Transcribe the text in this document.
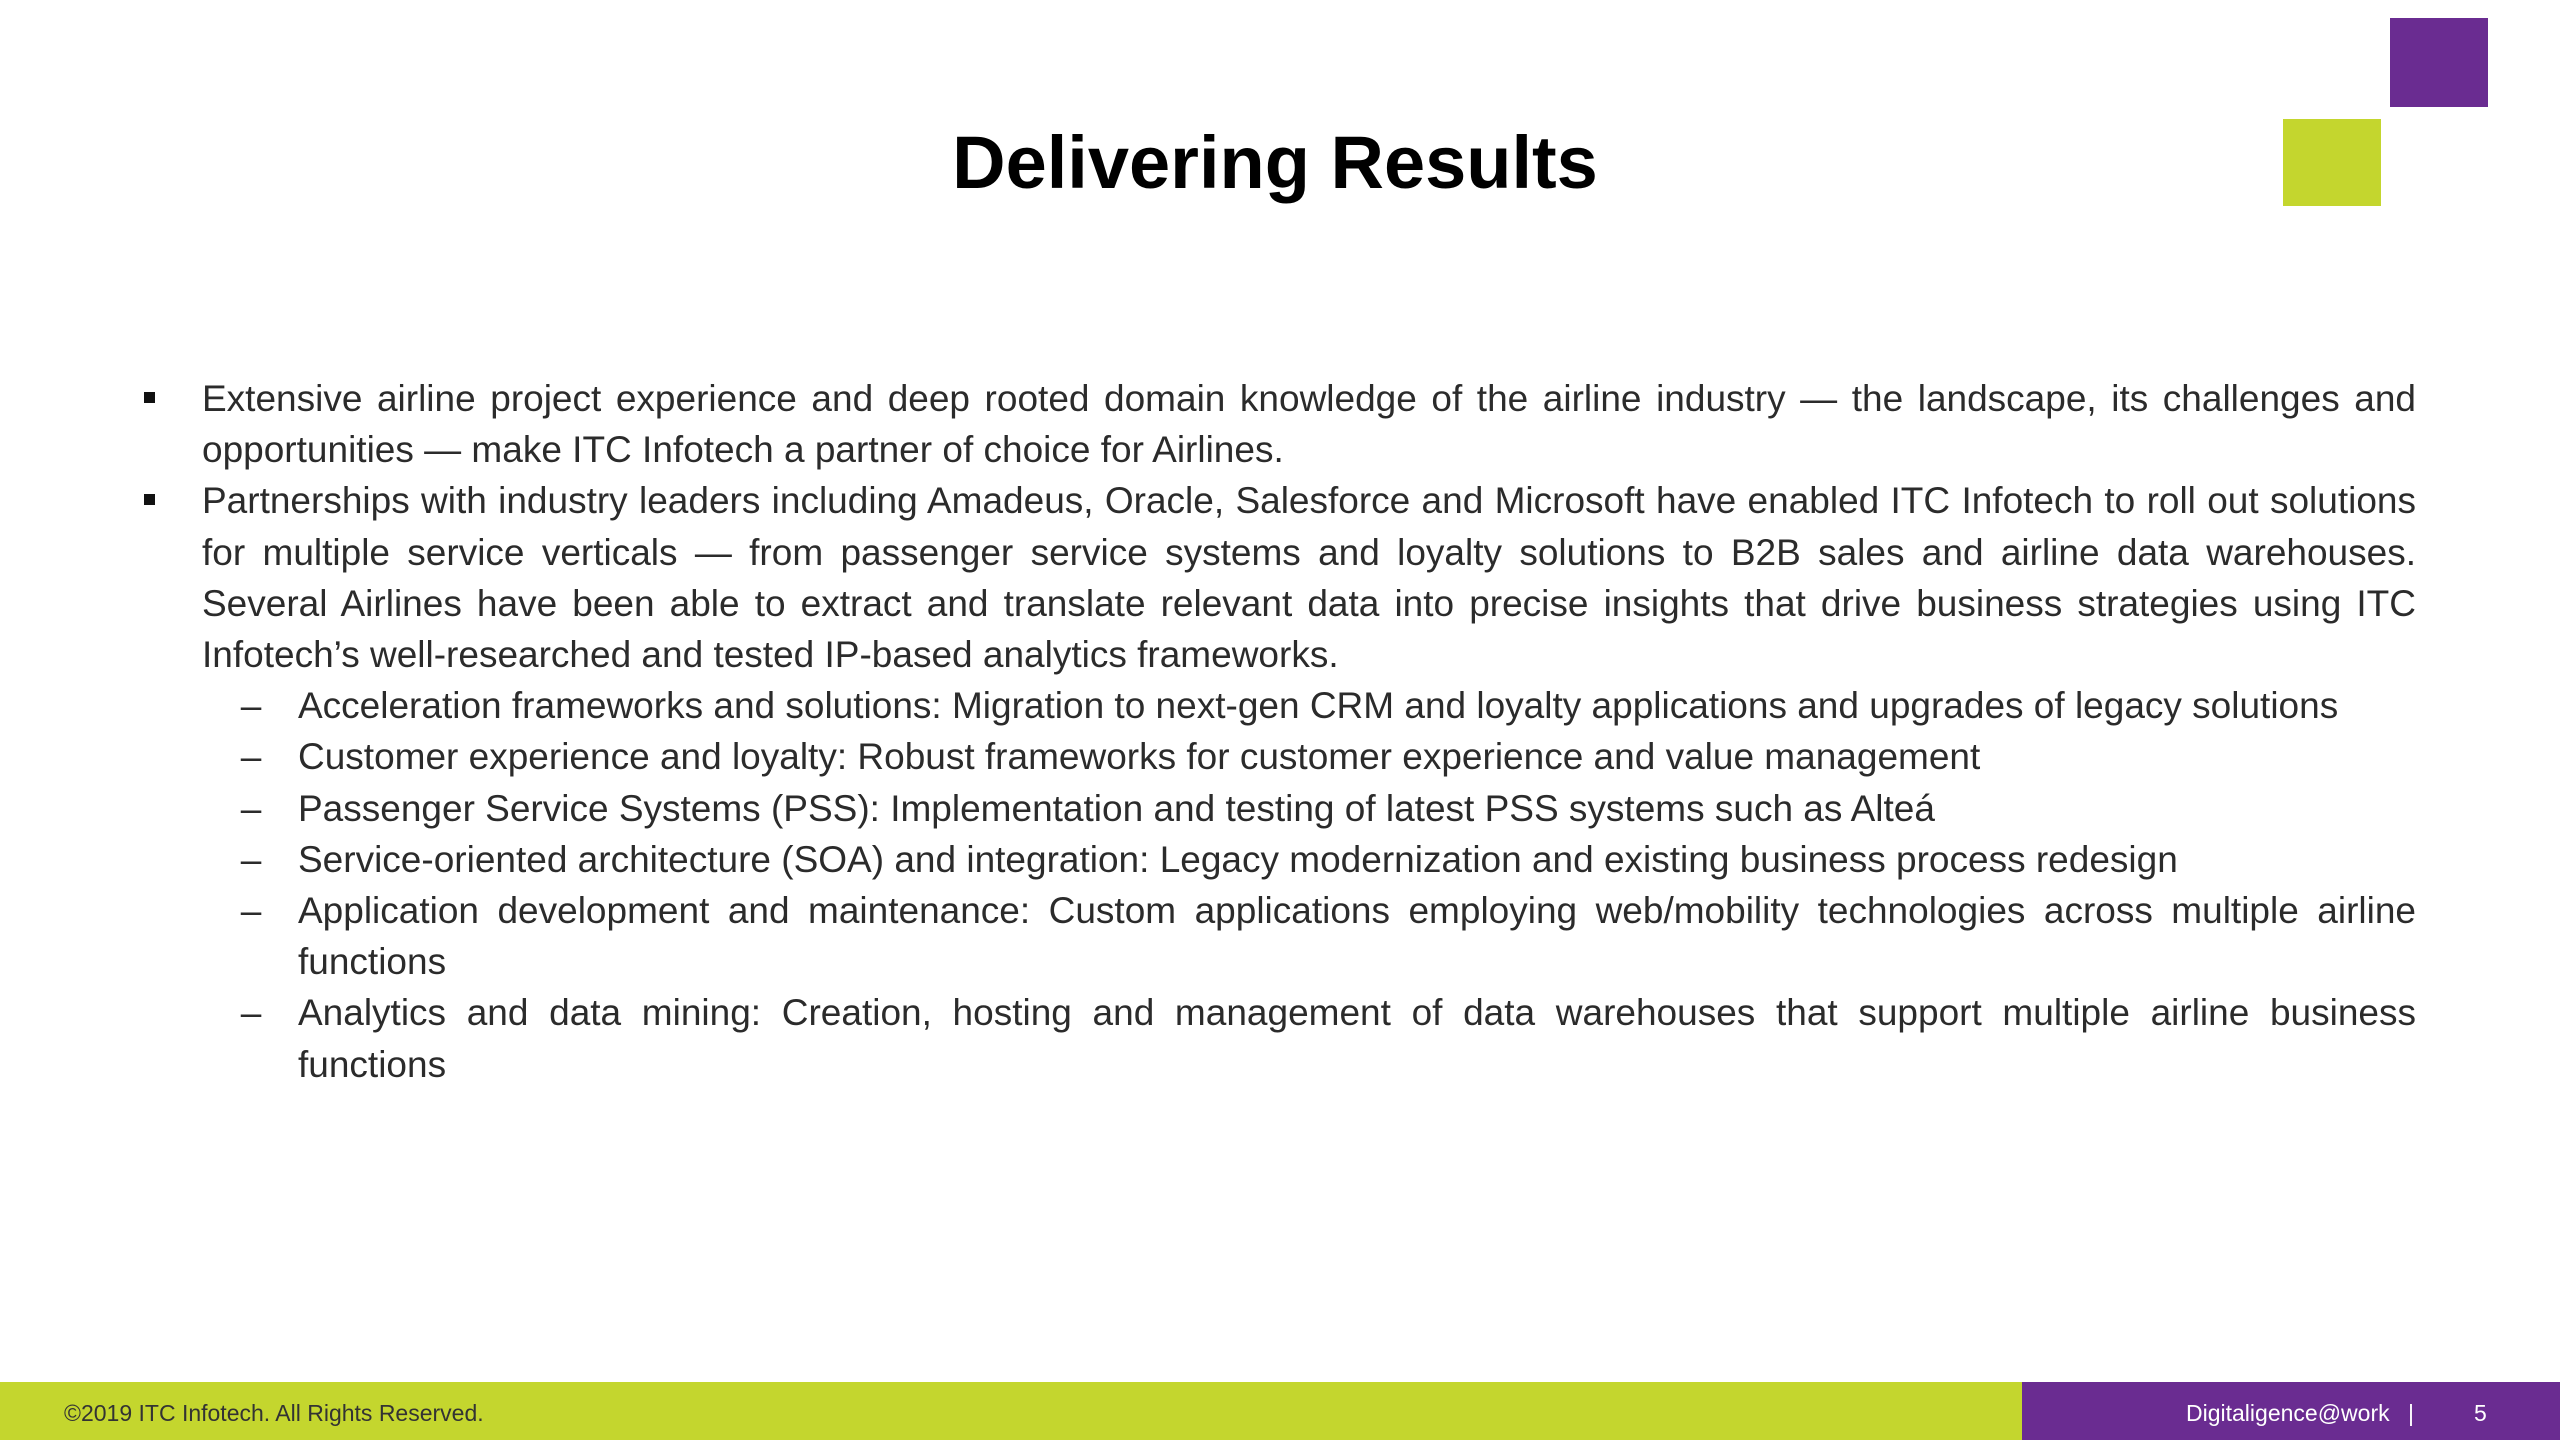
Delivering Results
Extensive airline project experience and deep rooted domain knowledge of the airline industry — the landscape, its challenges and opportunities — make ITC Infotech a partner of choice for Airlines.
Partnerships with industry leaders including Amadeus, Oracle, Salesforce and Microsoft have enabled ITC Infotech to roll out solutions for multiple service verticals — from passenger service systems and loyalty solutions to B2B sales and airline data warehouses. Several Airlines have been able to extract and translate relevant data into precise insights that drive business strategies using ITC Infotech’s well-researched and tested IP-based analytics frameworks.
– Acceleration frameworks and solutions: Migration to next-gen CRM and loyalty applications and upgrades of legacy solutions
– Customer experience and loyalty: Robust frameworks for customer experience and value management
– Passenger Service Systems (PSS): Implementation and testing of latest PSS systems such as Alteá
– Service-oriented architecture (SOA) and integration: Legacy modernization and existing business process redesign
– Application development and maintenance: Custom applications employing web/mobility technologies across multiple airline functions
– Analytics and data mining: Creation, hosting and management of data warehouses that support multiple airline business functions
©2019 ITC Infotech. All Rights Reserved.	Digitaligence@work |	5
